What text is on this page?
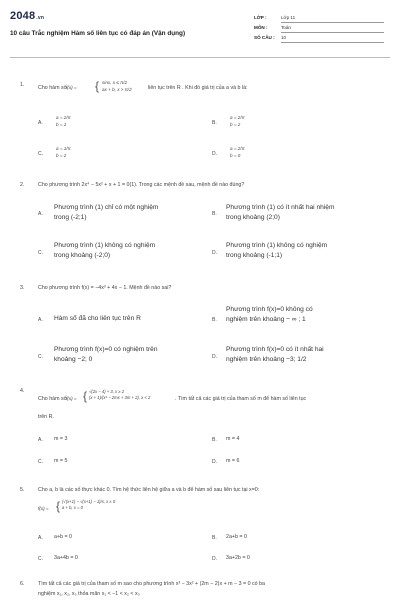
2048.vn
10 câu Trắc nghiệm Hàm số liên tục có đáp án (Vận dụng)
LỚP :	Lớp 11
MÔN :	Toán
SỐ CÂU :	10
1.	Cho hàm số f(x) = { sinx, x ≤ π/2
ax + b, x > π/2	liên tục trên R . Khi đó giá trị của a và b là:
A.
a = 2/π
b = 1	B.
a = 2/π
b = 2
C.
a = 1/π
b = 2	D.
a = 2/π
b = 0
2.	Cho phương trình 2x⁴ − 5x² + x + 1 = 0(1). Trong các mệnh đề sau, mệnh đề nào đúng?
A.
Phương trình (1) chỉ có một nghiệm
trong (-2;1)	B.
Phương trình (1) có ít nhất hai nhiệm
trong khoảng (2;0)
C.
Phương trình (1) không có nghiệm
trong khoảng (-2;0)	D.
Phương trình (1) không có nghiệm
trong khoảng (-1;1)
3.	Cho phương trình f(x) = −4x³ + 4x − 1. Mệnh đề nào sai?
A. Hàm số đã cho liên tục trên R	B.
Phương trình f(x)=0 không có
nghiệm trên khoảng − ∞ ; 1
C.
Phương trình f(x)=0 có nghiệm trên
khoảng −2; 0	D.
Phương trình f(x)=0 có ít nhất hai
nghiệm trên khoảng −3; 1/2
4.
Cho hàm số f(x) = { √(2x − 4) + 3, x ≥ 2
(x + 1)/(x² − 2mx + 3m + 2), x < 2	. Tìm tất cả các giá trị của tham số m để hàm số liên tục
trên R.
A. m = 3	B. m = 4
C. m = 5	D. m = 6
5.	Cho a, b là các số thực khác 0. Tìm hệ thức liên hệ giữa a và b để hàm số sau liên tục tại x=0:
f(x) = { (√(x+1) − √(x+1) − 1)/x, x ≠ 0
a + b, x = 0
A. a+b = 0	B. 2a+b = 0
C. 3a+4b = 0	D. 3a+2b = 0
6.	Tìm tất cả các giá trị của tham số m sao cho phương trình x³ − 3x² + (2m − 2)x + m − 3 = 0 có ba
nghiệm x₁, x₂, x₃ thỏa mãn x₁ < −1 < x₂ < x₃
